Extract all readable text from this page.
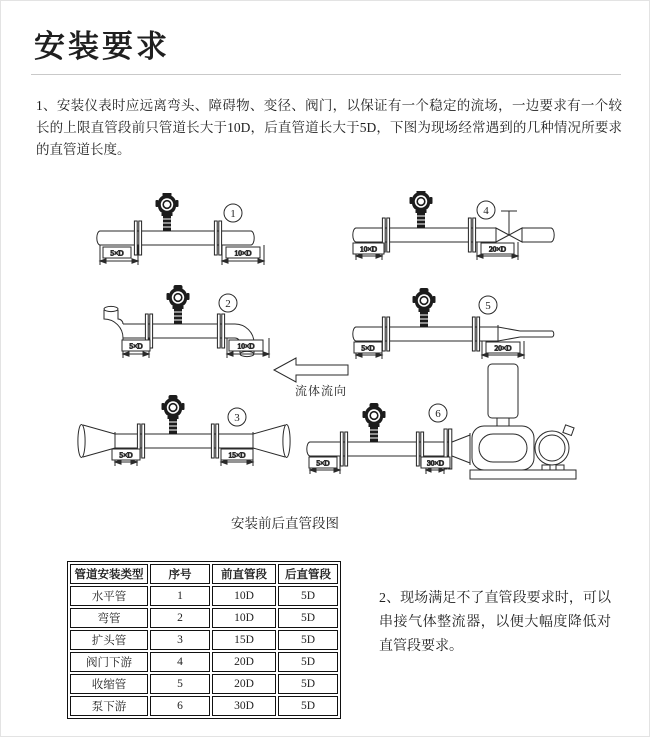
安装要求
1、安装仪表时应远离弯头、障碍物、变径、阀门，以保证有一个稳定的流场，一边要求有一个较长的上限直管段前只管道长大于10D，后直管道长大于5D，下图为现场经常遇到的几种情况所要求的直管道长度。
5×D	10×D
1
10×D	20×D
4
5×D	10×D
2
5×D	20×D
5
流体流向
5×D	15×D
3
5×D	30×D
6
安装前后直管段图
管道安装类型	序号	前直管段	后直管段
水平管	1	10D	5D
弯管	2	10D	5D
扩头管	3	15D	5D
阀门下游	4	20D	5D
收缩管	5	20D	5D
泵下游	6	30D	5D
2、现场满足不了直管段要求时，可以串接气体整流器，以便大幅度降低对直管段要求。
